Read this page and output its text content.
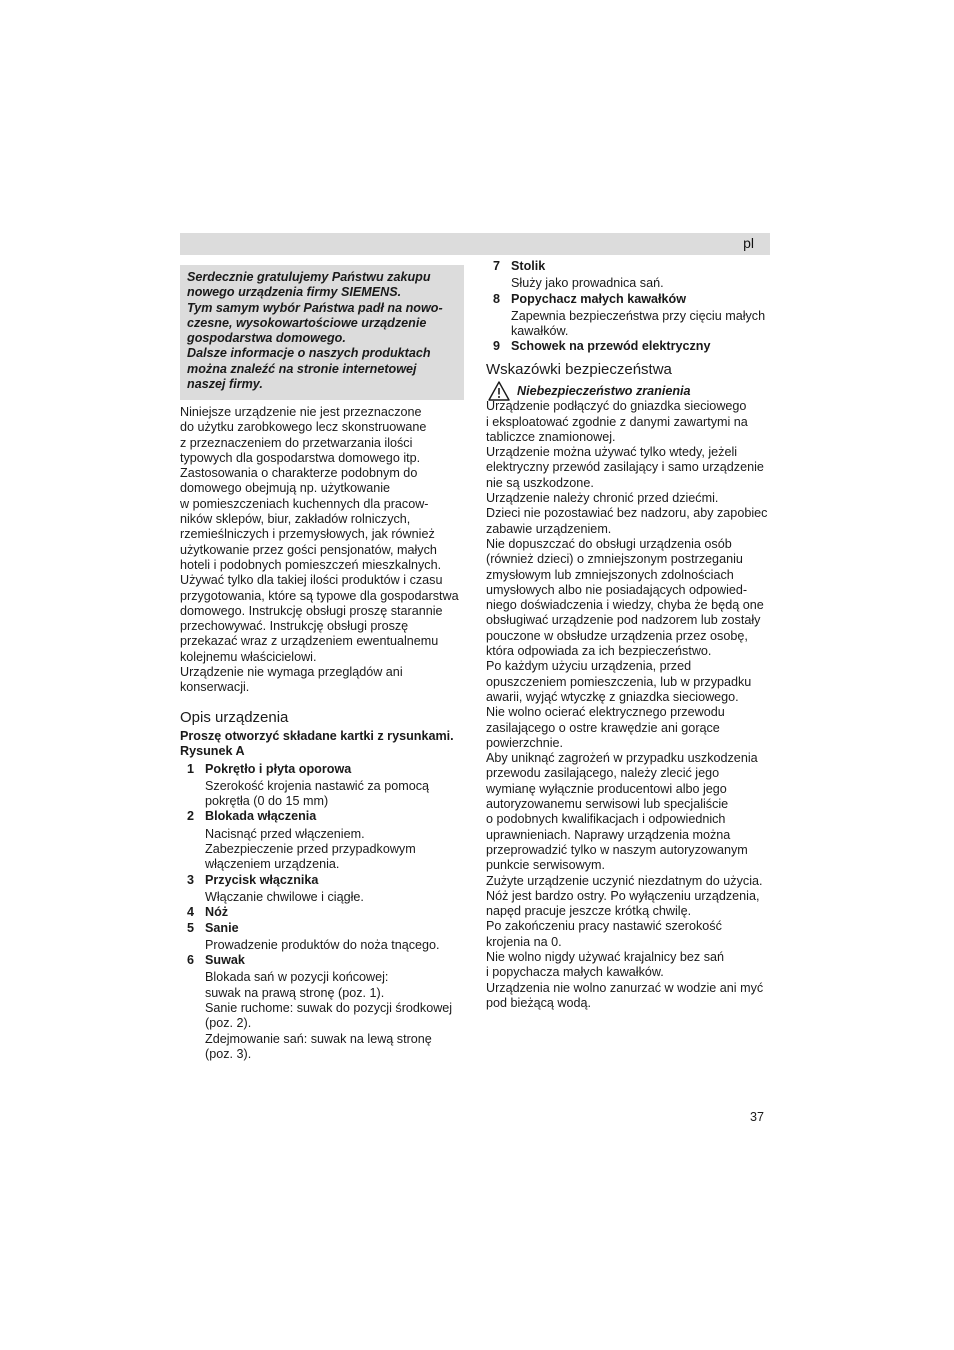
pl

Serdecznie gratulujemy Państwu zakupu

nowego urządzenia firmy SIEMENS.

Tym samym wybór Państwa padł na nowo-

czesne, wysokowartościowe urządzenie

gospodarstwa domowego.

Dalsze informacje o naszych produktach

można znaleźć na stronie internetowej

naszej firmy.

Niniejsze urządzenie nie jest przeznaczone

do użytku zarobkowego lecz skonstruowane

z przeznaczeniem do przetwarzania ilości

typowych dla gospodarstwa domowego itp.

Zastosowania o charakterze podobnym do

domowego obejmują np. użytkowanie

w pomieszczeniach kuchennych dla pracow-

ników sklepów, biur, zakładów rolniczych,

rzemieślniczych i przemysłowych, jak również

użytkowanie przez gości pensjonatów, małych

hoteli i podobnych pomieszczeń mieszkalnych.

Używać tylko dla takiej ilości produktów i czasu

przygotowania, które są typowe dla gospodarstwa

domowego. Instrukcję obsługi proszę starannie

przechowywać. Instrukcję obsługi proszę

przekazać wraz z urządzeniem ewentualnemu

kolejnemu właścicielowi.

Urządzenie nie wymaga przeglądów ani

konserwacji.

Opis urządzenia

Proszę otworzyć składane kartki z rysunkami.

Rysunek A

1 Pokrętło i płyta oporowa

Szerokość krojenia nastawić za pomocą

pokrętła (0 do 15 mm)

2 Blokada włączenia

Nacisnąć przed włączeniem.

Zabezpieczenie przed przypadkowym

włączeniem urządzenia.

3 Przycisk włącznika

Włączanie chwilowe i ciągłe.

4 Nóż

5 Sanie

Prowadzenie produktów do noża tnącego.

6 Suwak

Blokada sań w pozycji końcowej:

suwak na prawą stronę (poz. 1).

Sanie ruchome: suwak do pozycji środkowej

(poz. 2).

Zdejmowanie sań: suwak na lewą stronę

(poz. 3).

7 Stolik

Służy jako prowadnica sań.

8 Popychacz małych kawałków

Zapewnia bezpieczeństwa przy cięciu małych

kawałków.

9 Schowek na przewód elektryczny

Wskazówki bezpieczeństwa

Niebezpieczeństwo zranienia

Urządzenie podłączyć do gniazdka sieciowego

i eksploatować zgodnie z danymi zawartymi na

tabliczce znamionowej.

Urządzenie można używać tylko wtedy, jeżeli

elektryczny przewód zasilający i samo urządzenie

nie są uszkodzone.

Urządzenie należy chronić przed dziećmi.

Dzieci nie pozostawiać bez nadzoru, aby zapobiec

zabawie urządzeniem.

Nie dopuszczać do obsługi urządzenia osób

(również dzieci) o zmniejszonym postrzeganiu

zmysłowym lub zmniejszonych zdolnościach

umysłowych albo nie posiadających odpowied-

niego doświadczenia i wiedzy, chyba że będą one

obsługiwać urządzenie pod nadzorem lub zostały

pouczone w obsłudze urządzenia przez osobę,

która odpowiada za ich bezpieczeństwo.

Po każdym użyciu urządzenia, przed

opuszczeniem pomieszczenia, lub w przypadku

awarii, wyjąć wtyczkę z gniazdka sieciowego.

Nie wolno ocierać elektrycznego przewodu

zasilającego o ostre krawędzie ani gorące

powierzchnie.

Aby uniknąć zagrożeń w przypadku uszkodzenia

przewodu zasilającego, należy zlecić jego

wymianę wyłącznie producentowi albo jego

autoryzowanemu serwisowi lub specjaliście

o podobnych kwalifikacjach i odpowiednich

uprawnieniach. Naprawy urządzenia można

przeprowadzić tylko w naszym autoryzowanym

punkcie serwisowym.

Zużyte urządzenie uczynić niezdatnym do użycia.

Nóż jest bardzo ostry. Po wyłączeniu urządzenia,

napęd pracuje jeszcze krótką chwilę.

Po zakończeniu pracy nastawić szerokość

krojenia na 0.

Nie wolno nigdy używać krajalnicy bez sań

i popychacza małych kawałków.

Urządzenia nie wolno zanurzać w wodzie ani myć

pod bieżącą wodą.

37
